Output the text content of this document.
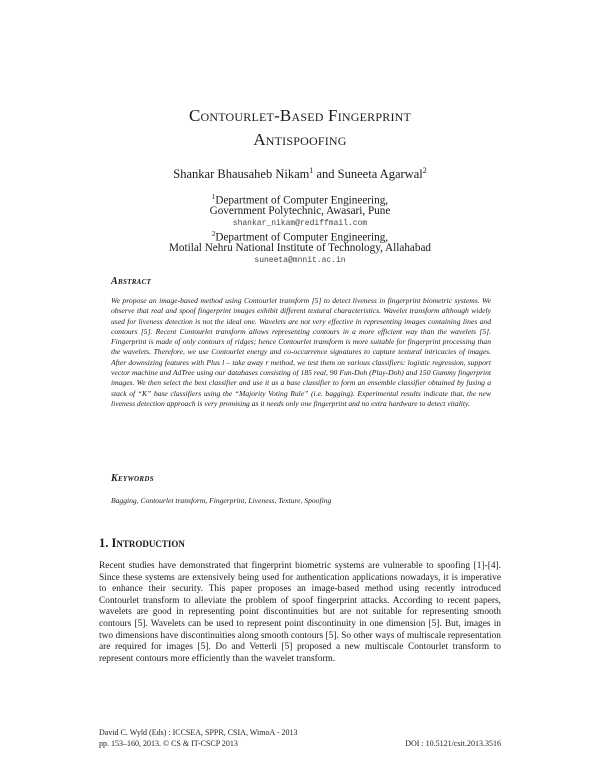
Contourlet-Based Fingerprint
Antispoofing
Shankar Bhausaheb Nikam$^1$ and Suneeta Agarwal$^2$
$^1$Department of Computer Engineering,
Government Polytechnic, Awasari, Pune
shankar_nikam@rediffmail.com
$^2$Department of Computer Engineering,
Motilal Nehru National Institute of Technology, Allahabad
suneeta@mnnit.ac.in
Abstract
We propose an image-based method using Contourlet transform [5] to detect liveness in fingerprint biometric systems. We observe that real and spoof fingerprint images exhibit different textural characteristics. Wavelet transform although widely used for liveness detection is not the ideal one. Wavelets are not very effective in representing images containing lines and contours [5]. Recent Contourlet transform allows representing contours in a more efficient way than the wavelets [5]. Fingerprint is made of only contours of ridges; hence Contourlet transform is more suitable for fingerprint processing than the wavelets. Therefore, we use Contourlet energy and co-occurrence signatures to capture textural intricacies of images. After downsizing features with Plus l – take away r method, we test them on various classifiers: logistic regression, support vector machine and AdTree using our databases consisting of 185 real, 90 Fun-Doh (Play-Doh) and 150 Gummy fingerprint images. We then select the best classifier and use it as a base classifier to form an ensemble classifier obtained by fusing a stack of “K” base classifiers using the “Majority Voting Rule” (i.e. bagging). Experimental results indicate that, the new liveness detection approach is very promising as it needs only one fingerprint and no extra hardware to detect vitality.
Keywords
Bagging, Contourlet transform, Fingerprint, Liveness, Texture, Spoofing
1. Introduction
Recent studies have demonstrated that fingerprint biometric systems are vulnerable to spoofing [1]-[4]. Since these systems are extensively being used for authentication applications nowadays, it is imperative to enhance their security. This paper proposes an image-based method using recently introduced Contourlet transform to alleviate the problem of spoof fingerprint attacks. According to recent papers, wavelets are good in representing point discontinuities but are not suitable for representing smooth contours [5]. Wavelets can be used to represent point discontinuity in one dimension [5]. But, images in two dimensions have discontinuities along smooth contours [5]. So other ways of multiscale representation are required for images [5]. Do and Vetterli [5] proposed a new multiscale Contourlet transform to represent contours more efficiently than the wavelet transform.
David C. Wyld (Eds) : ICCSEA, SPPR, CSIA, WimoA - 2013
pp. 153–160, 2013. © CS & IT-CSCP 2013	DOI : 10.5121/csit.2013.3516
